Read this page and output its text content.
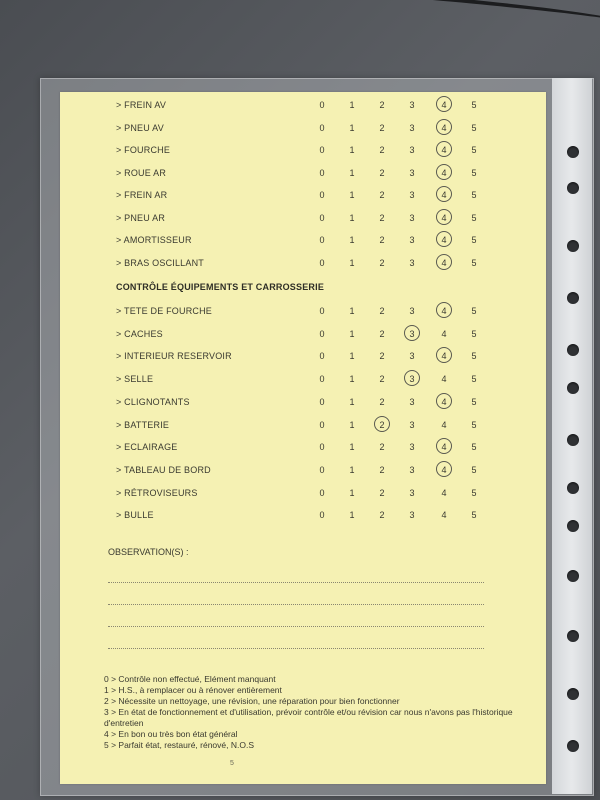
> FREIN AV	0	1	2	3	4	5
> PNEU AV	0	1	2	3	4	5
> FOURCHE	0	1	2	3	4	5
> ROUE AR	0	1	2	3	4	5
> FREIN AR	0	1	2	3	4	5
> PNEU AR	0	1	2	3	4	5
> AMORTISSEUR	0	1	2	3	4	5
> BRAS OSCILLANT	0	1	2	3	4	5
CONTRÔLE ÉQUIPEMENTS ET CARROSSERIE
> TETE DE FOURCHE	0	1	2	3	4	5
> CACHES	0	1	2	3	4	5
> INTERIEUR RESERVOIR	0	1	2	3	4	5
> SELLE	0	1	2	3	4	5
> CLIGNOTANTS	0	1	2	3	4	5
> BATTERIE	0	1	2	3	4	5
> ECLAIRAGE	0	1	2	3	4	5
> TABLEAU DE BORD	0	1	2	3	4	5
> RÉTROVISEURS	0	1	2	3	4	5
> BULLE	0	1	2	3	4	5
OBSERVATION(S) :
0 > Contrôle non effectué, Elément manquant
1 > H.S., à remplacer ou à rénover entièrement
2 > Nécessite un nettoyage, une révision, une réparation pour bien fonctionner
3 > En état de fonctionnement et d'utilisation, prévoir contrôle et/ou révision car nous n'avons pas l'historique d'entretien
4 > En bon ou très bon état général
5 > Parfait état, restauré, rénové, N.O.S
5
